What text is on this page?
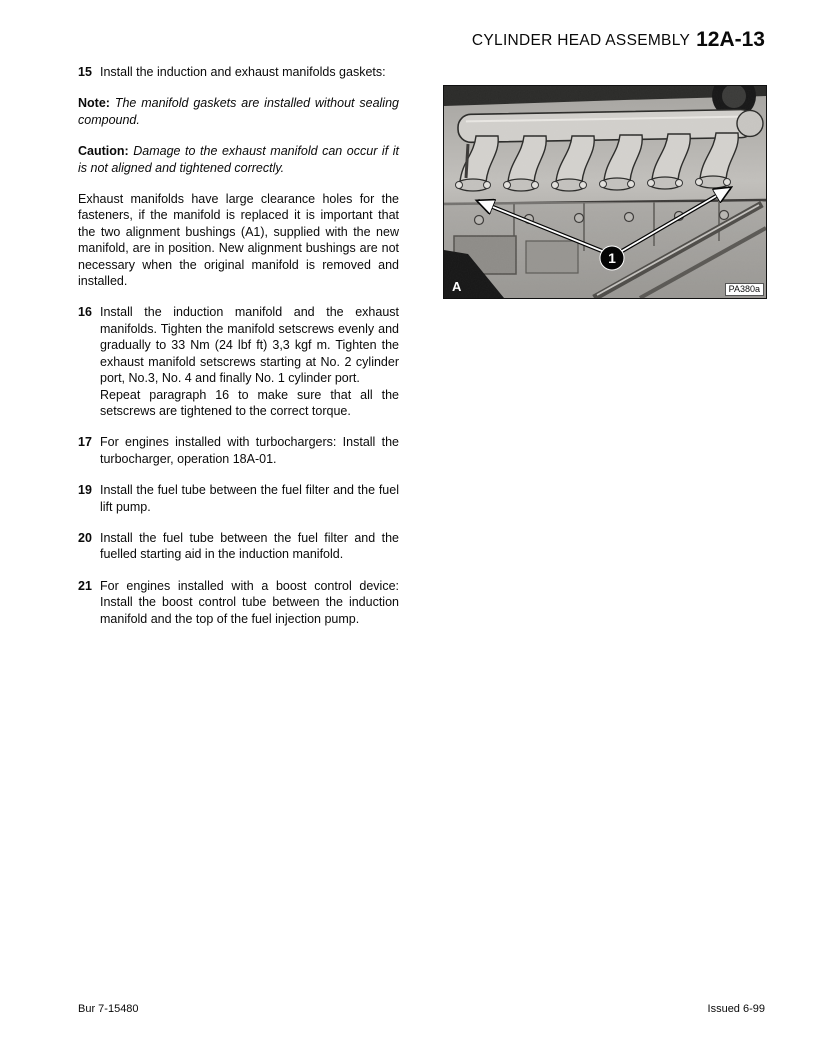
CYLINDER HEAD ASSEMBLY 12A-13
15 Install the induction and exhaust manifolds gaskets:

Note: The manifold gaskets are installed without sealing compound.

Caution: Damage to the exhaust manifold can occur if it is not aligned and tightened correctly.

Exhaust manifolds have large clearance holes for the fasteners, if the manifold is replaced it is important that the two alignment bushings (A1), supplied with the new manifold, are in position. New alignment bushings are not necessary when the original manifold is removed and installed.

16 Install the induction manifold and the exhaust manifolds. Tighten the manifold setscrews evenly and gradually to 33 Nm (24 lbf ft) 3,3 kgf m. Tighten the exhaust manifold setscrews starting at No. 2 cylinder port, No.3, No. 4 and finally No. 1 cylinder port.

Repeat paragraph 16 to make sure that all the setscrews are tightened to the correct torque.

17 For engines installed with turbochargers: Install the turbocharger, operation 18A-01.
19 Install the fuel tube between the fuel filter and the fuel lift pump.
20 Install the fuel tube between the fuel filter and the fuelled starting aid in the induction manifold.
21 For engines installed with a boost control device: Install the boost control tube between the induction manifold and the top of the fuel injection pump.
A	PA380a
Bur 7-15480	Issued 6-99
